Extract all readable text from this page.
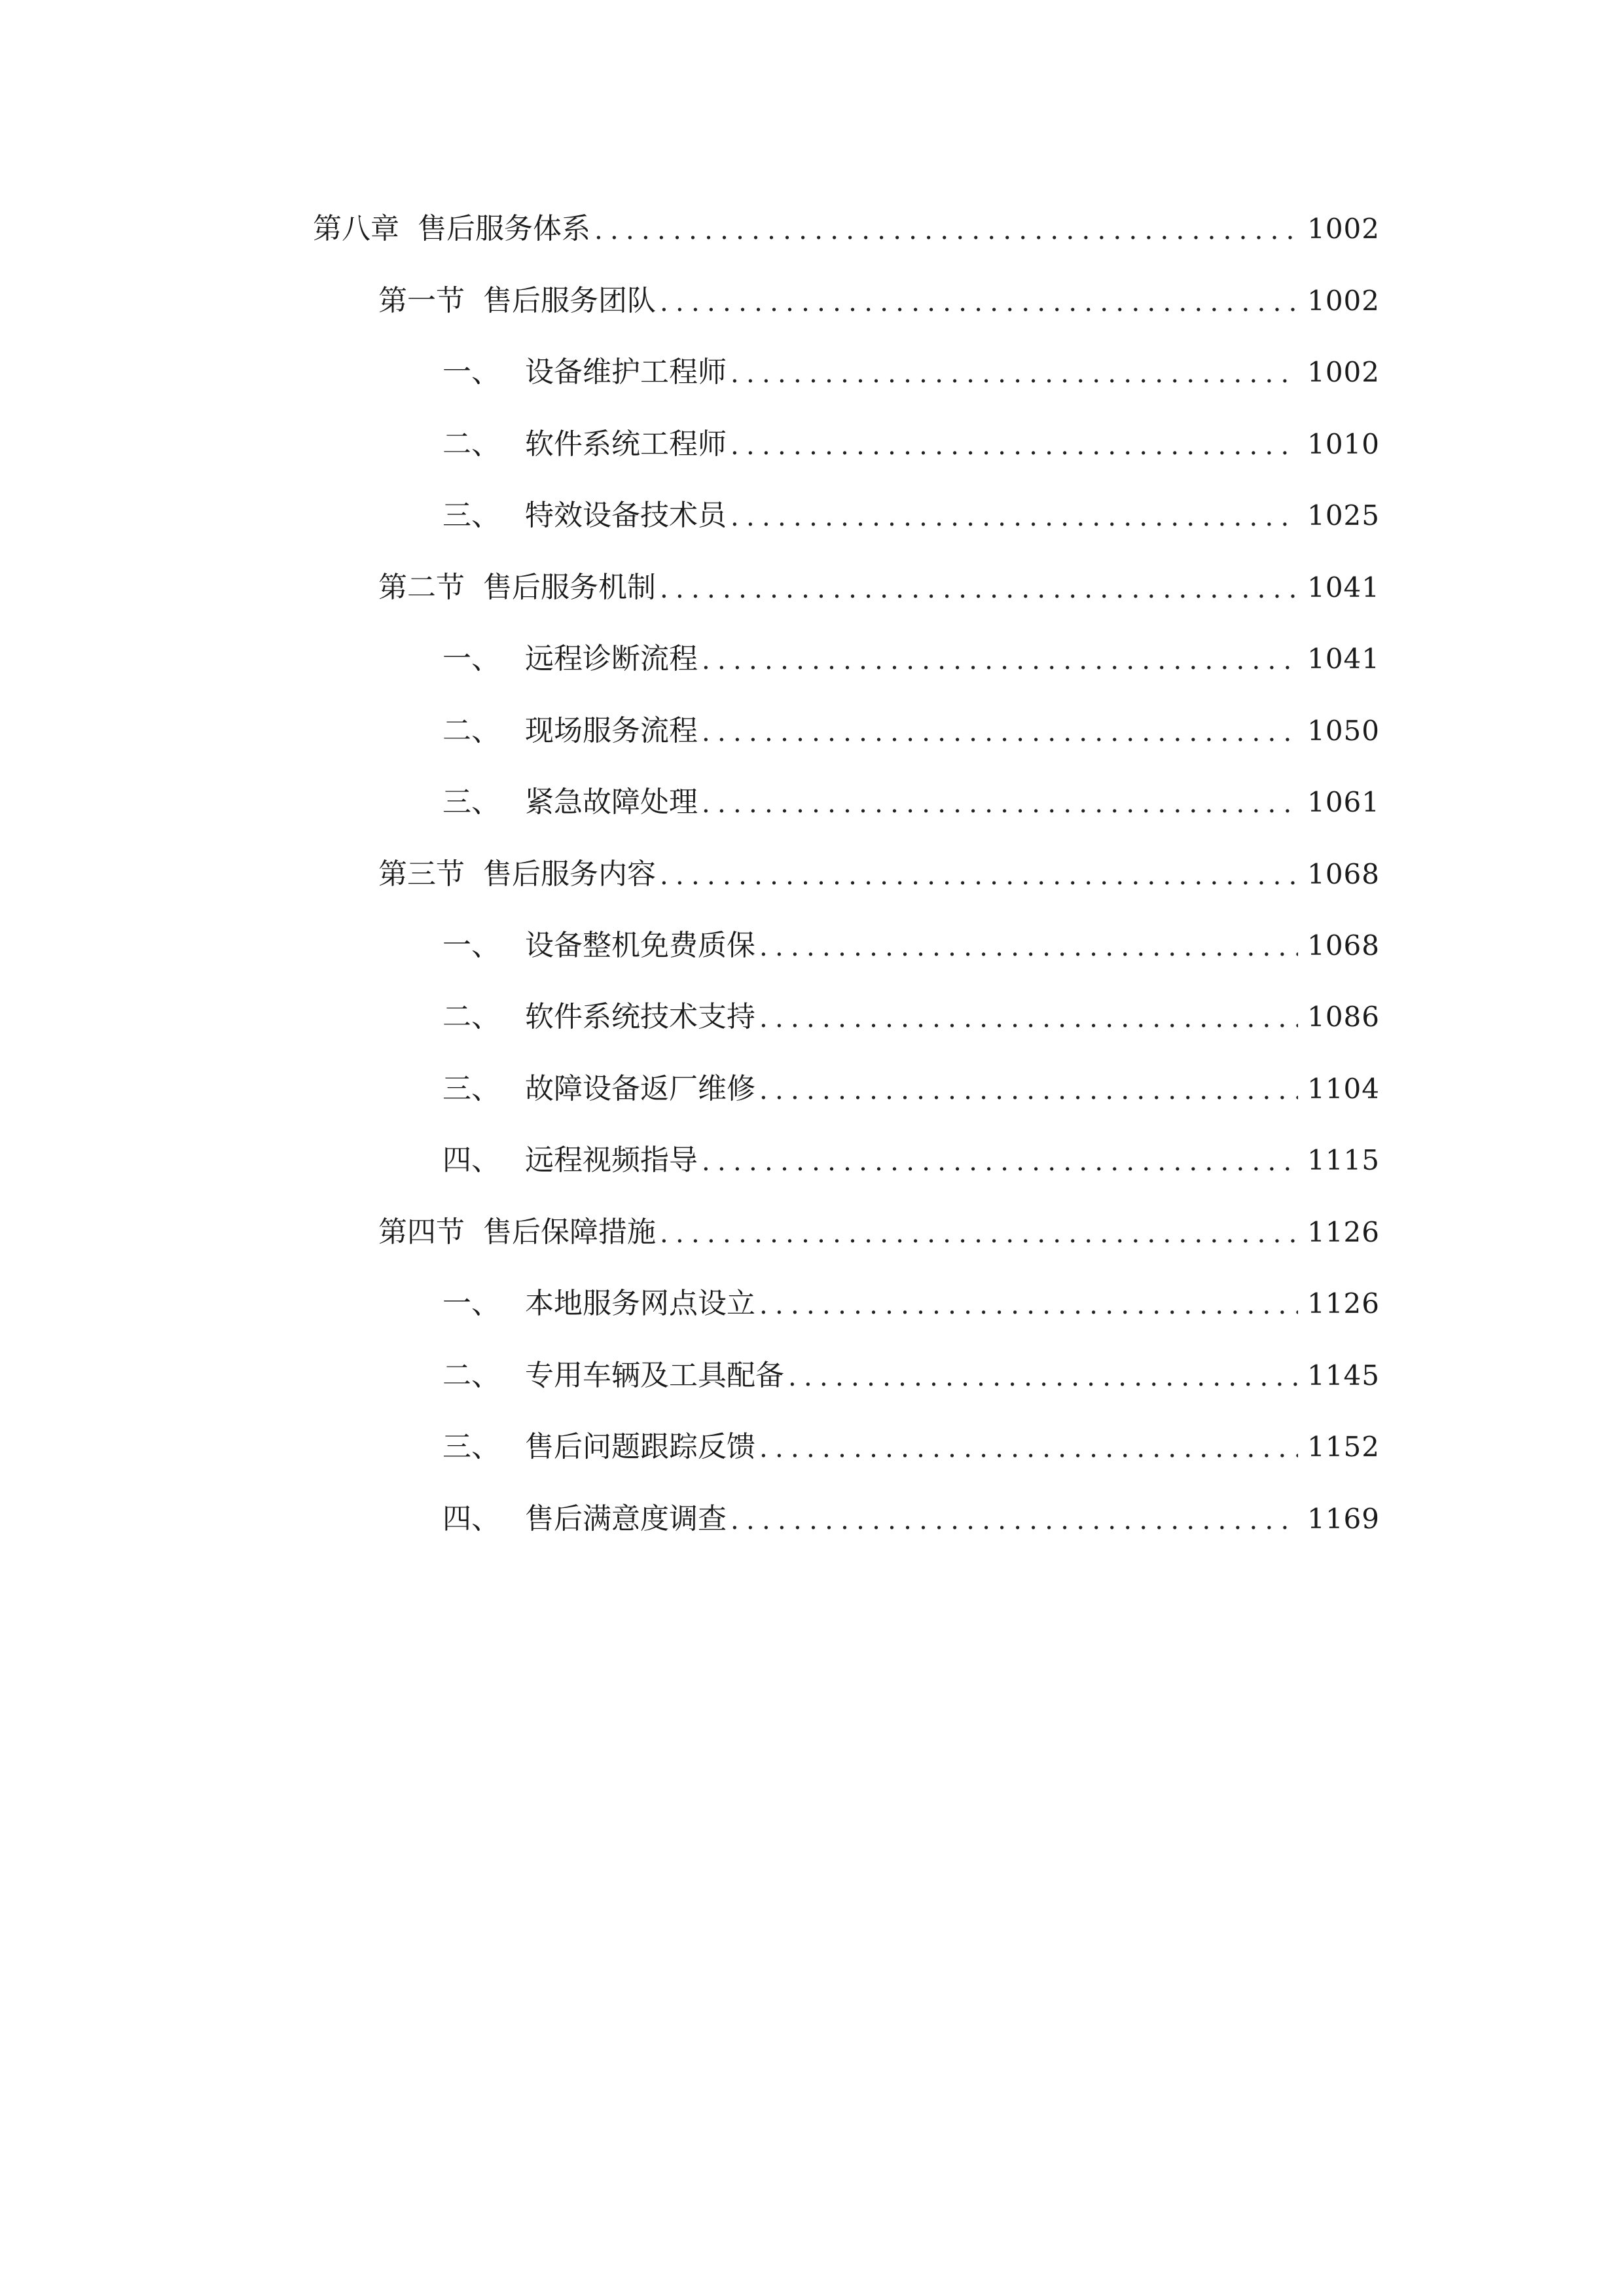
第八章 售后服务体系 .....	1002
第一节 售后服务团队 .....	1002
一、 设备维护工程师 .....	1002
二、 软件系统工程师 .....	1010
三、 特效设备技术员 .....	1025
第二节 售后服务机制 .....	1041
一、 远程诊断流程 .....	1041
二、 现场服务流程 .....	1050
三、 紧急故障处理 .....	1061
第三节 售后服务内容 .....	1068
一、 设备整机免费质保 .....	1068
二、 软件系统技术支持 .....	1086
三、 故障设备返厂维修 .....	1104
四、 远程视频指导 .....	1115
第四节 售后保障措施 .....	1126
一、 本地服务网点设立 .....	1126
二、 专用车辆及工具配备 .....	1145
三、 售后问题跟踪反馈 .....	1152
四、 售后满意度调查 .....	1169
